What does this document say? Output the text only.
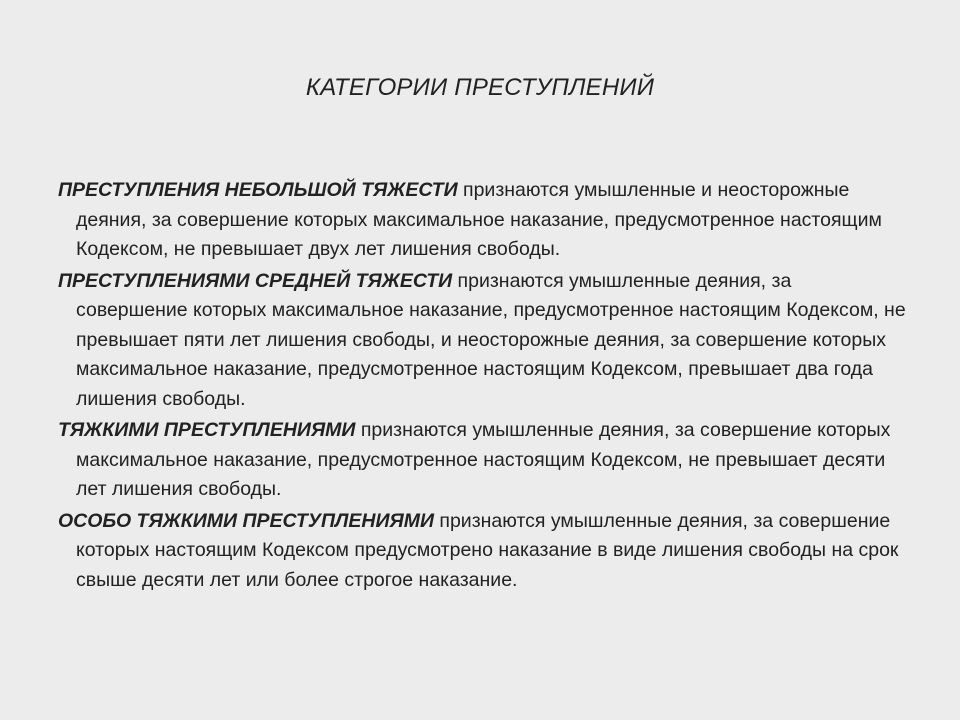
КАТЕГОРИИ ПРЕСТУПЛЕНИЙ

ПРЕСТУПЛЕНИЯ НЕБОЛЬШОЙ ТЯЖЕСТИ признаются умышленные и неосторожные деяния, за совершение которых максимальное наказание, предусмотренное настоящим Кодексом, не превышает двух лет лишения свободы.

ПРЕСТУПЛЕНИЯМИ СРЕДНЕЙ ТЯЖЕСТИ признаются умышленные деяния, за совершение которых максимальное наказание, предусмотренное настоящим Кодексом, не превышает пяти лет лишения свободы, и неосторожные деяния, за совершение которых максимальное наказание, предусмотренное настоящим Кодексом, превышает два года лишения свободы.

ТЯЖКИМИ ПРЕСТУПЛЕНИЯМИ признаются умышленные деяния, за совершение которых максимальное наказание, предусмотренное настоящим Кодексом, не превышает десяти лет лишения свободы.

ОСОБО ТЯЖКИМИ ПРЕСТУПЛЕНИЯМИ признаются умышленные деяния, за совершение которых настоящим Кодексом предусмотрено наказание в виде лишения свободы на срок свыше десяти лет или более строгое наказание.
